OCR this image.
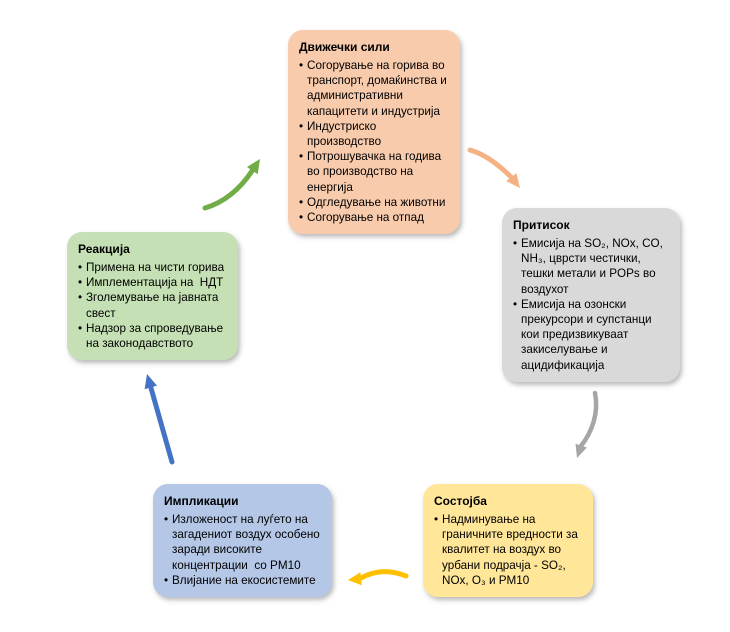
Движечки сили
• Согорување на горива во транспорт, домаќинства и административни капацитети и индустрија
• Индустриско производство
• Потрошувачка на годива во производство на енергија
• Одгледување на животни
• Согорување на отпад
Притисок
• Емисија на SO₂, NOx, CO, NH₃, цврсти честички, тешки метали и POPs во воздухот
• Емисија на озонски прекурсори и супстанци кои предизвикуваат закиселување и ацидификација
Состојба
• Надминување на граничните вредности за квалитет на воздух во урбани подрачја - SO₂, NOx, O₃ и PM10
Импликации
• Изложеност на луѓето на загадениот воздух особено заради високите концентрации  со PM10
• Влијание на екосистемите
Реакција
• Примена на чисти горива
• Имплементација на  НДТ
• Зголемување на јавната свест
• Надзор за спроведување на законодавството
